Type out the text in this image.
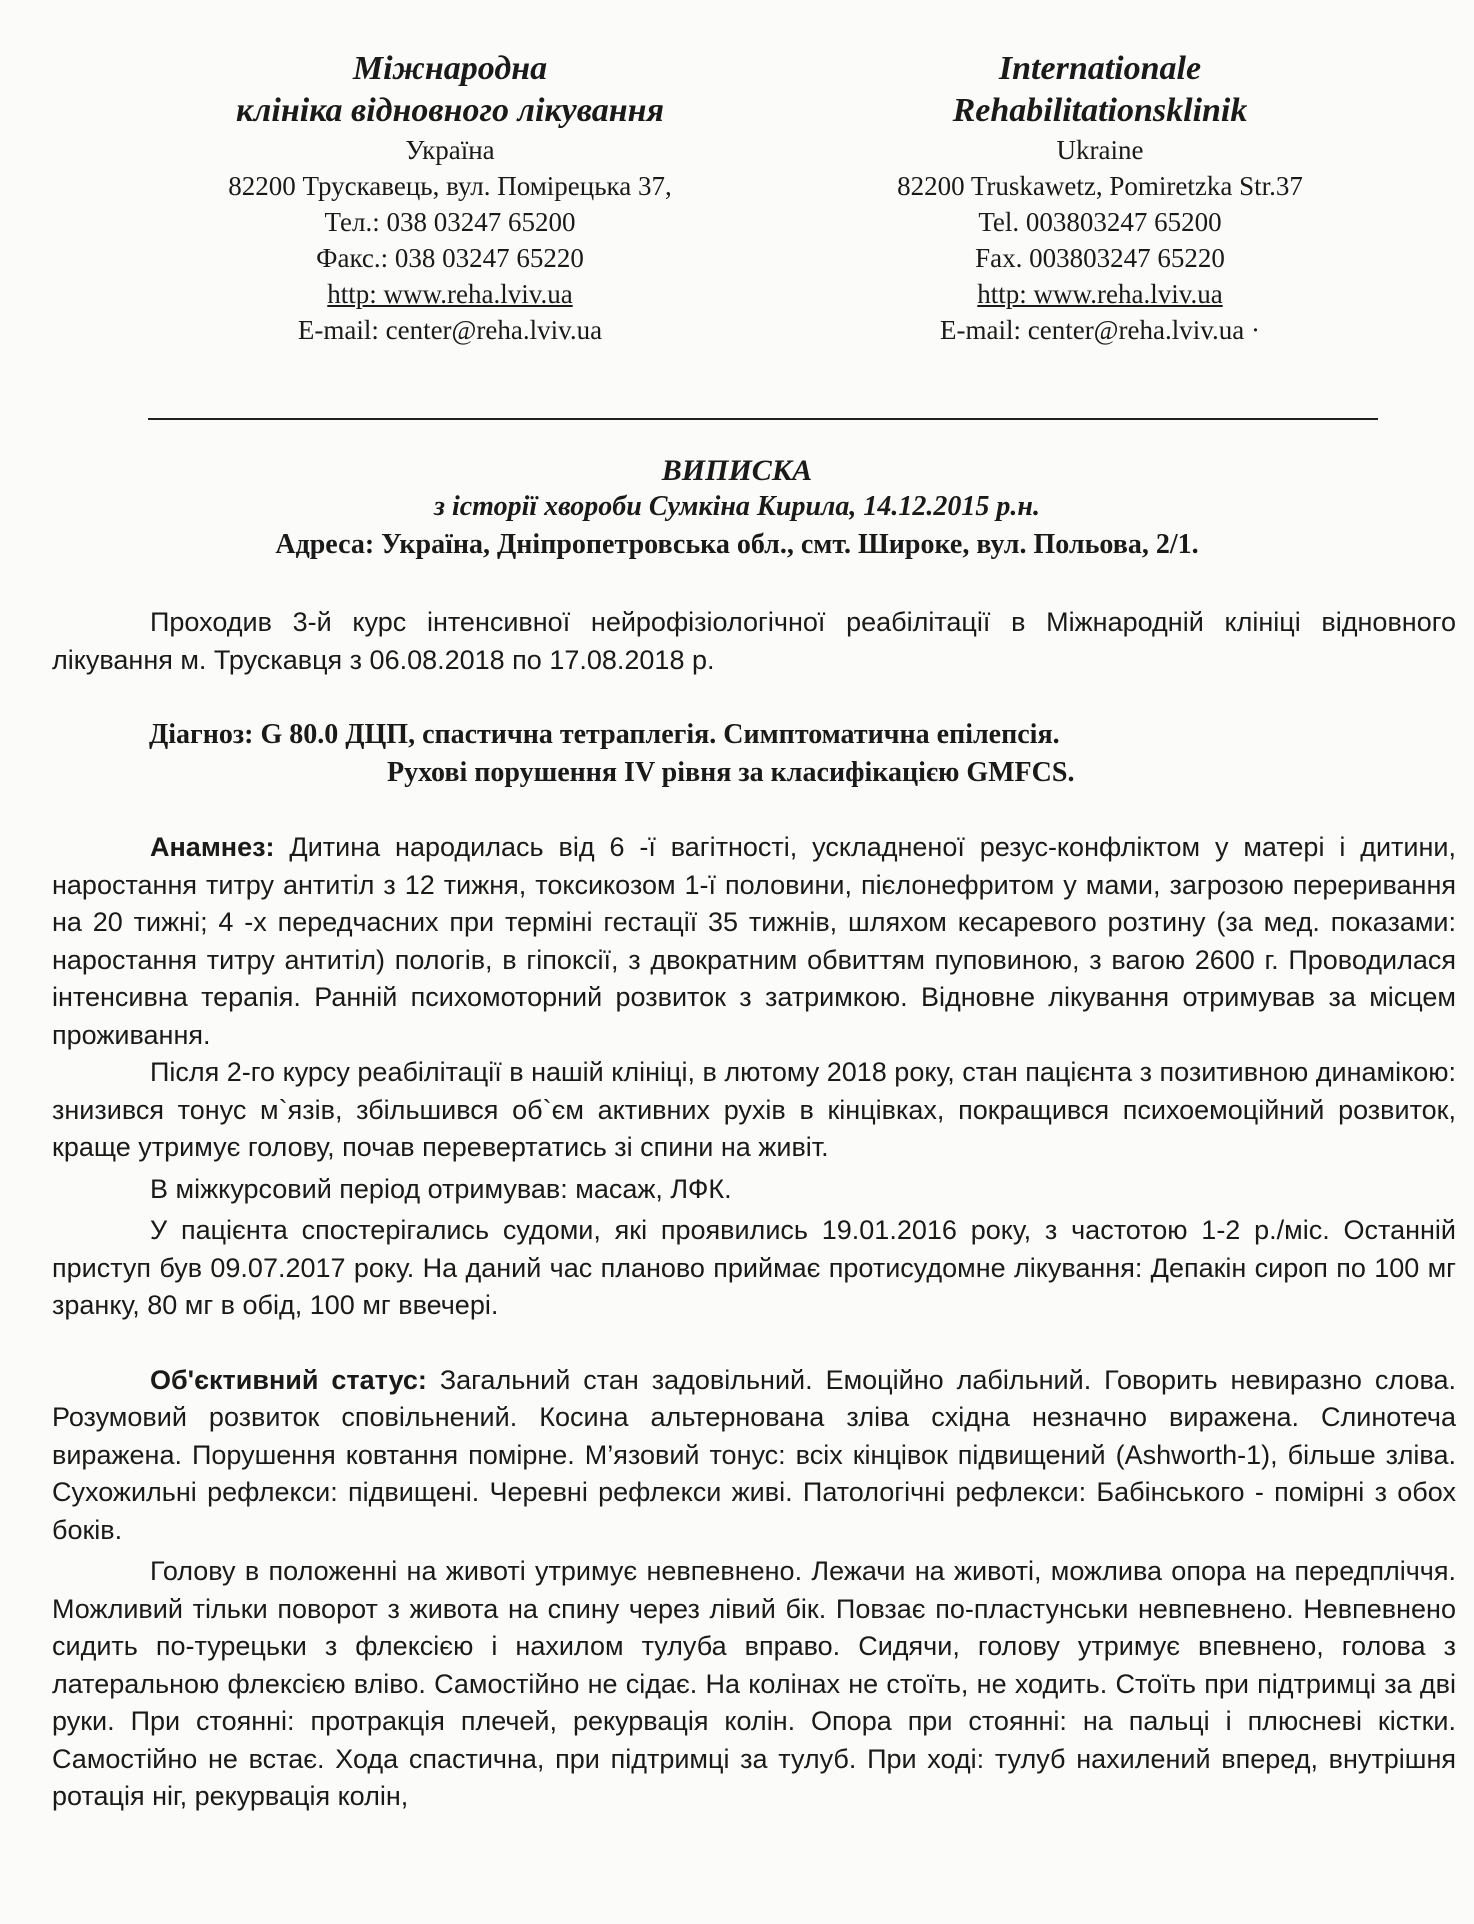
Міжнародна
клініка відновного лікування
Україна
82200 Трускавець, вул. Помірецька 37,
Тел.: 038 03247 65200
Факс.: 038 03247 65220
http: www.reha.lviv.ua
E-mail: center@reha.lviv.ua
Internationale
Rehabilitationsklinik
Ukraine
82200 Truskawetz, Pomiretzka Str.37
Tel. 003803247 65200
Fax. 003803247 65220
http: www.reha.lviv.ua
E-mail: center@reha.lviv.ua ·
ВИПИСКА
з історії хвороби Сумкіна Кирила, 14.12.2015 р.н.
Адреса: Україна, Дніпропетровська обл., смт. Широке, вул. Польова, 2/1.

Проходив 3-й курс інтенсивної нейрофізіологічної реабілітації в Міжнародній клініці відновного лікування м. Трускавця з 06.08.2018 по 17.08.2018 р.

Діагноз: G 80.0 ДЦП, спастична тетраплегія. Симптоматична епілепсія.
Рухові порушення IV рівня за класифікацією GMFCS.

Анамнез: Дитина народилась від 6 -ї вагітності, ускладненої резус-конфліктом у матері і дитини, наростання титру антитіл з 12 тижня, токсикозом 1-ї половини, пієлонефритом у мами, загрозою переривання на 20 тижні; 4 -х передчасних при терміні гестації 35 тижнів, шляхом кесаревого розтину (за мед. показами: наростання титру антитіл) пологів, в гіпоксії, з двократним обвиттям пуповиною, з вагою 2600 г. Проводилася інтенсивна терапія. Ранній психомоторний розвиток з затримкою. Відновне лікування отримував за місцем проживання.

Після 2-го курсу реабілітації в нашій клініці, в лютому 2018 року, стан пацієнта з позитивною динамікою: знизився тонус м`язів, збільшився об`єм активних рухів в кінцівках, покращився психоемоційний розвиток, краще утримує голову, почав перевертатись зі спини на живіт.

В міжкурсовий період отримував: масаж, ЛФК.

У пацієнта спостерігались судоми, які проявились 19.01.2016 року, з частотою 1-2 р./міс. Останній приступ був 09.07.2017 року. На даний час планово приймає протисудомне лікування: Депакін сироп по 100 мг зранку, 80 мг в обід, 100 мг ввечері.

Об'єктивний статус: Загальний стан задовільний. Емоційно лабільний. Говорить невиразно слова. Розумовий розвиток сповільнений. Косина альтернована зліва східна незначно виражена. Слинотеча виражена. Порушення ковтання помірне. М’язовий тонус: всіх кінцівок підвищений (Ashworth-1), більше зліва. Сухожильні рефлекси: підвищені. Черевні рефлекси живі. Патологічні рефлекси: Бабінського - помірні з обох боків.

Голову в положенні на животі утримує невпевнено. Лежачи на животі, можлива опора на передпліччя. Можливий тільки поворот з живота на спину через лівий бік. Повзає по-пластунськи невпевнено. Невпевнено сидить по-турецьки з флексією і нахилом тулуба вправо. Сидячи, голову утримує впевнено, голова з латеральною флексією вліво. Самостійно не сідає. На колінах не стоїть, не ходить. Стоїть при підтримці за дві руки. При стоянні: протракція плечей, рекурвація колін. Опора при стоянні: на пальці і плюсневі кістки. Самостійно не встає. Хода спастична, при підтримці за тулуб. При ході: тулуб нахилений вперед, внутрішня ротація ніг, рекурвація колін,
